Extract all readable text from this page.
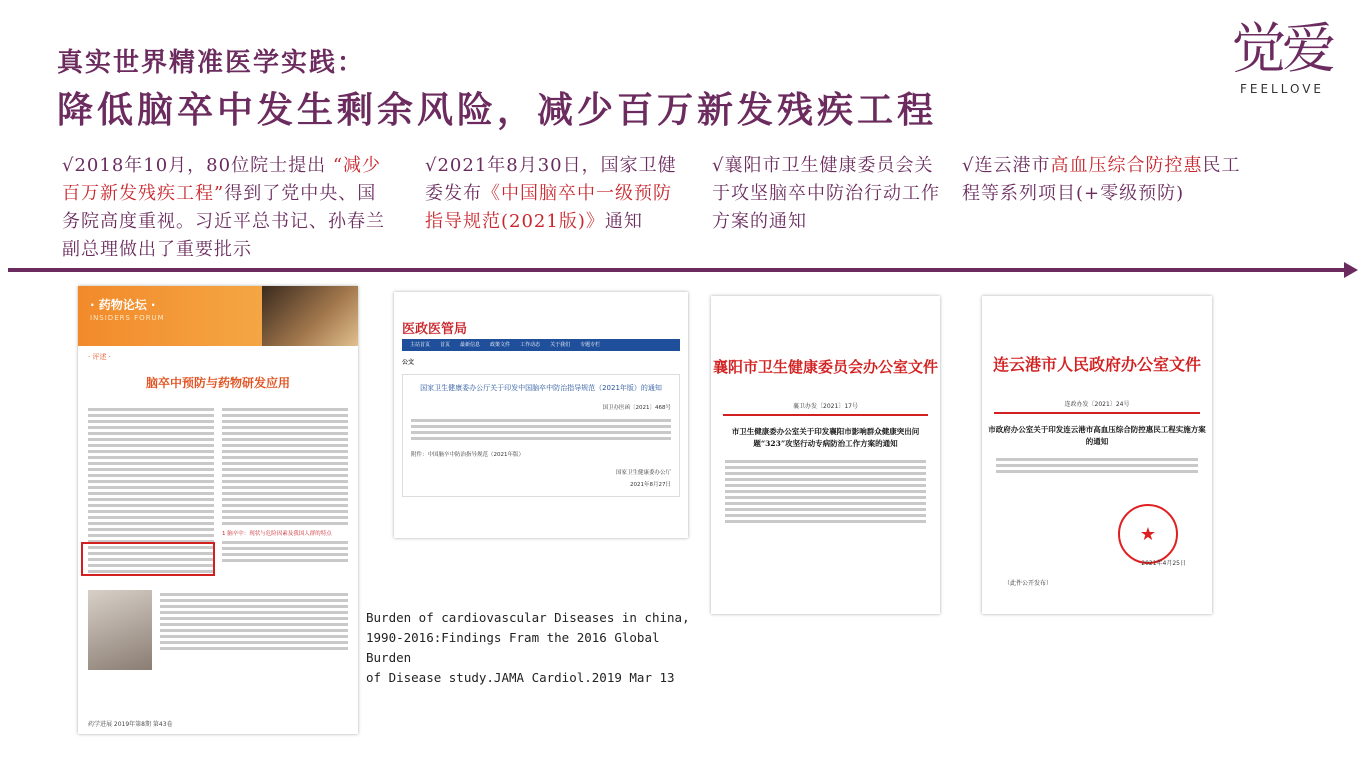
真实世界精准医学实践：
降低脑卒中发生剩余风险，减少百万新发残疾工程
觉爱
FEELLOVE
√2018年10月，80位院士提出 “减少百万新发残疾工程”得到了党中央、国务院高度重视。习近平总书记、孙春兰副总理做出了重要批示
√2021年8月30日，国家卫健委发布《中国脑卒中一级预防指导规范(2021版)》通知
√襄阳市卫生健康委员会关于攻坚脑卒中防治行动工作方案的通知
√连云港市高血压综合防控惠民工程等系列项目(+零级预防)
· 药物论坛 ·
INSIDERS FORUM
· 评述 ·
脑卒中预防与药物研发应用
1 脑卒中：现状与危险因素及我国人群的特点
药学进展 2019年第8期 第43卷
医政医管局
主站首页 首页 最新信息 政策文件 工作动态 关于我们 专题专栏
公文
国家卫生健康委办公厅关于印发中国脑卒中防治指导规范（2021年版）的通知
国卫办医函〔2021〕468号
附件：中国脑卒中防治指导规范（2021年版）
国家卫生健康委办公厅
2021年8月27日
襄阳市卫生健康委员会办公室文件
襄卫办发〔2021〕17号
市卫生健康委办公室关于印发襄阳市影响群众健康突出问题“323”攻坚行动专病防治工作方案的通知
连云港市人民政府办公室文件
连政办发〔2021〕24号
市政府办公室关于印发连云港市高血压综合防控惠民工程实施方案的通知
★
2021年4月25日
（此件公开发布）
Burden of cardiovascular Diseases in china,
1990-2016:Findings Fram the 2016 Global Burden
of Disease study.JAMA Cardiol.2019 Mar 13
